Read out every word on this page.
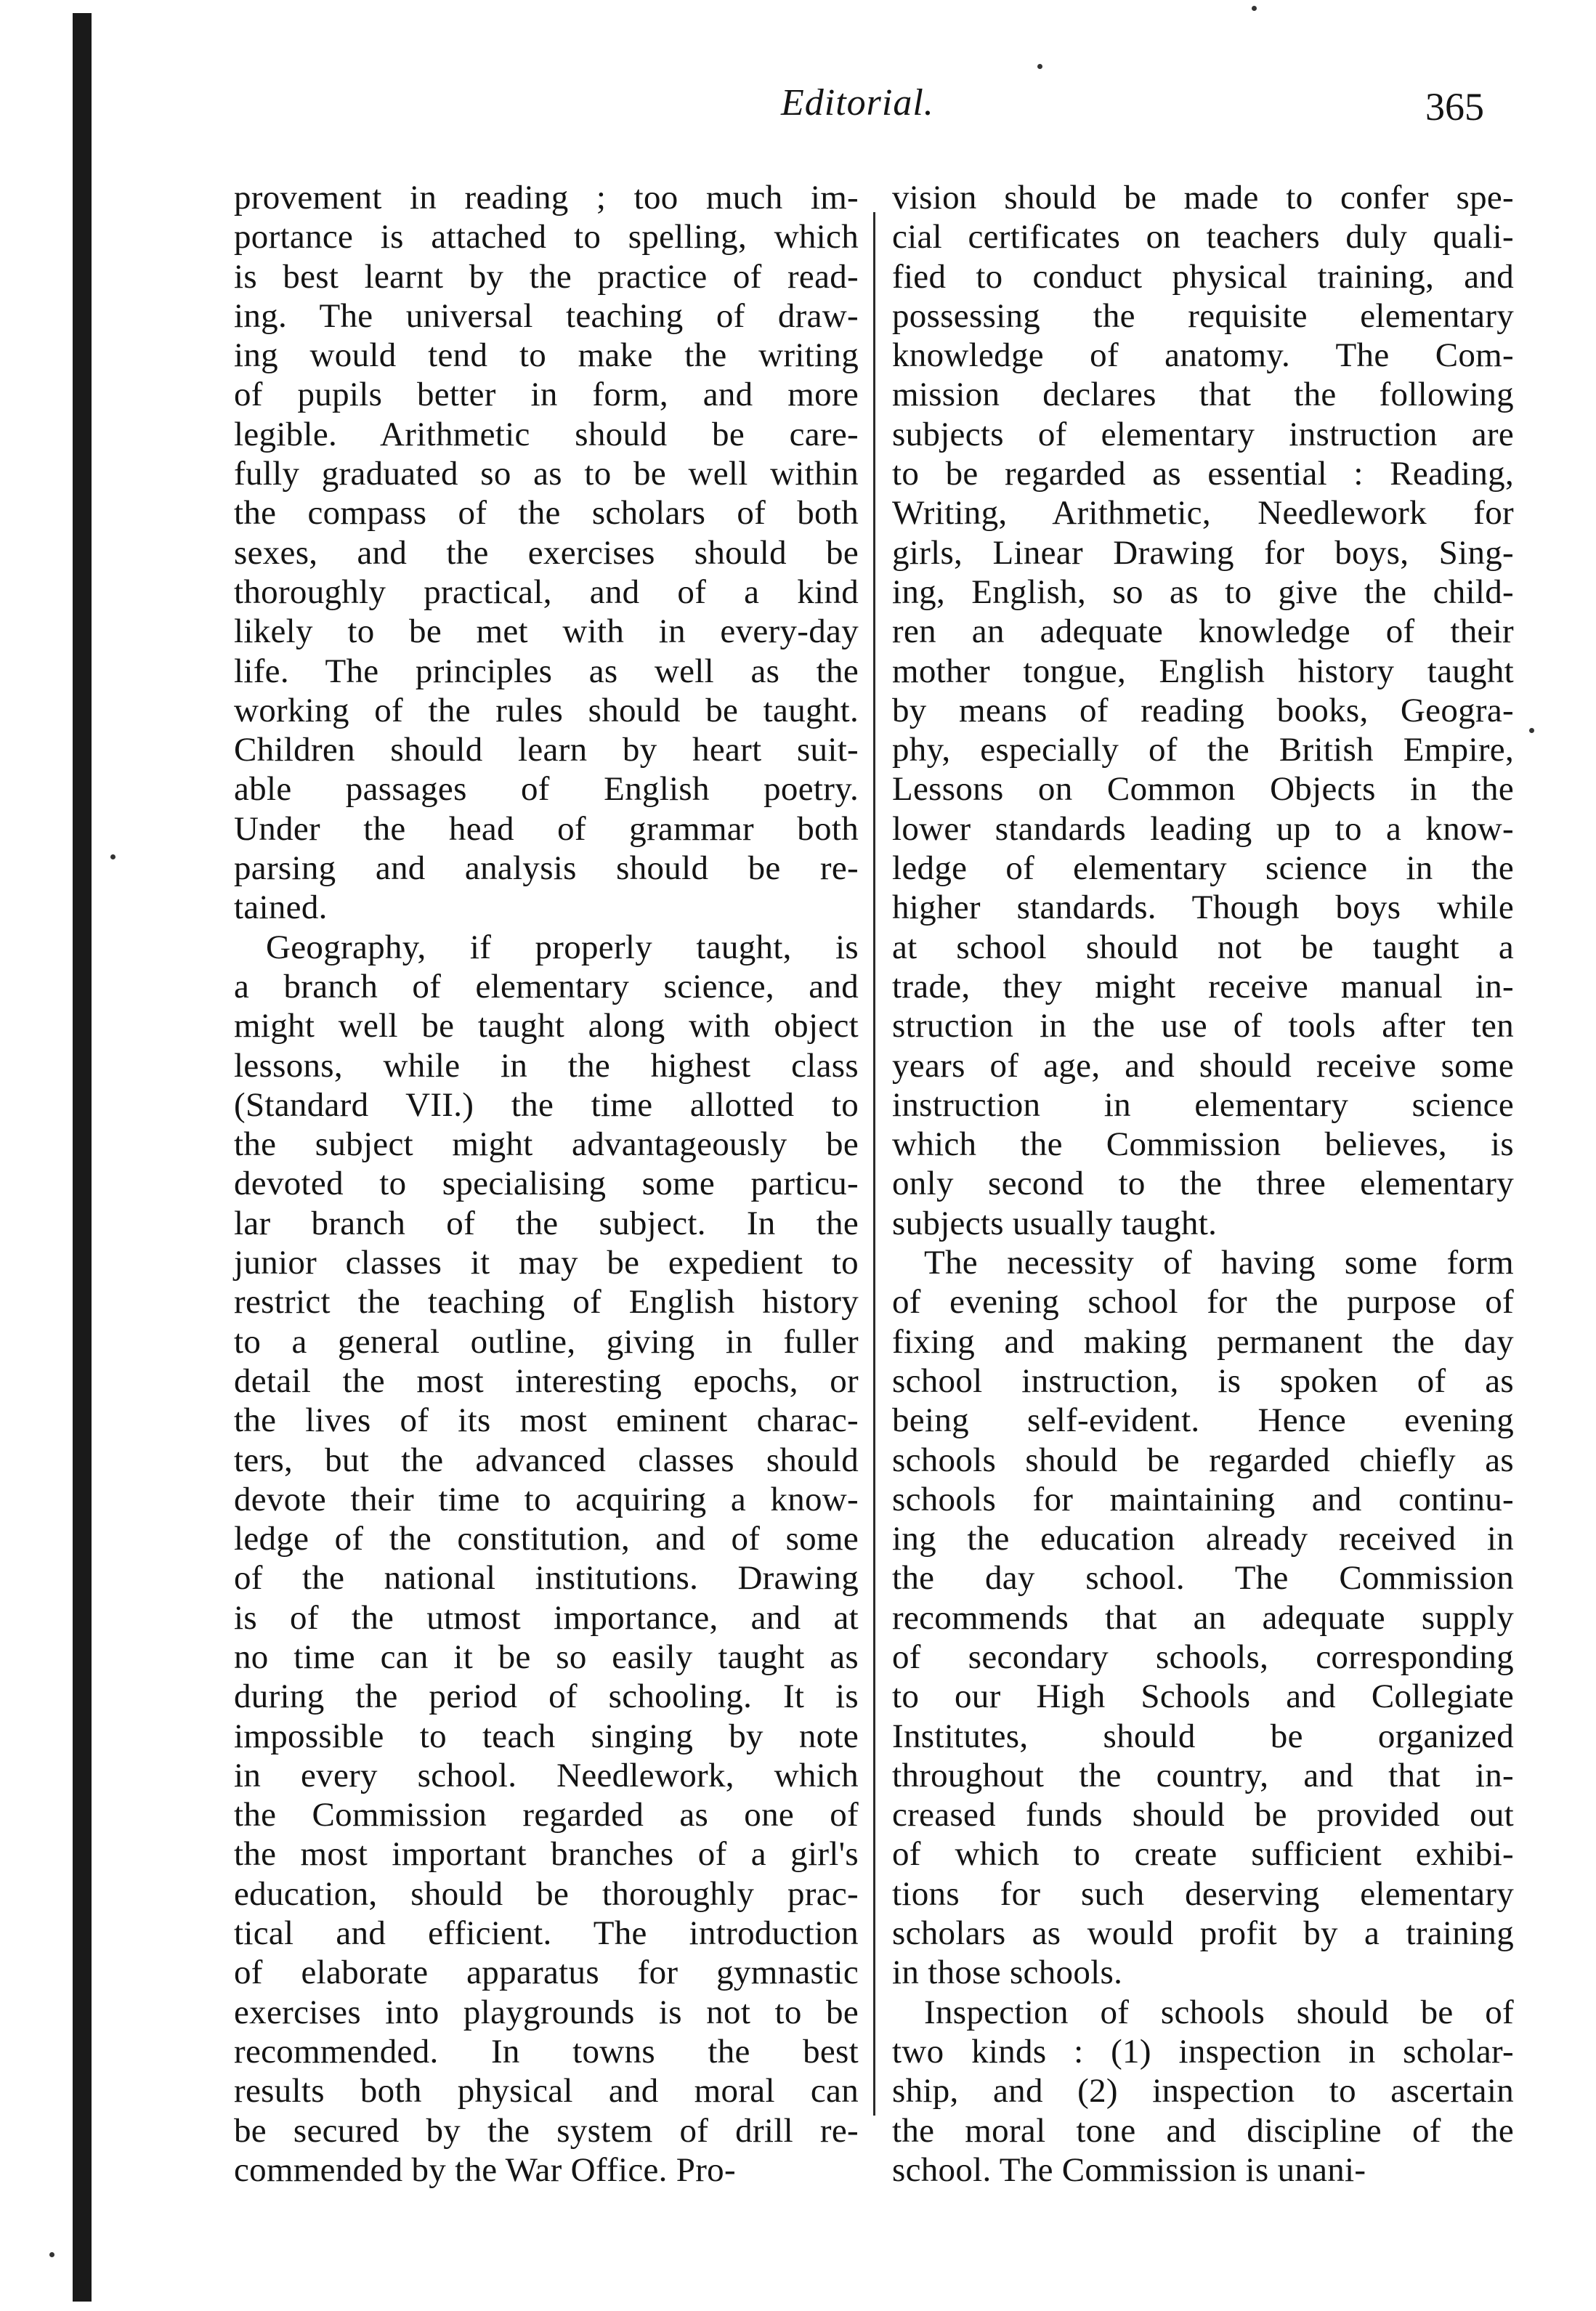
Editorial.	365
provement in reading ; too much im-
portance is attached to spelling, which
is best learnt by the practice of read-
ing. The universal teaching of draw-
ing would tend to make the writing
of pupils better in form, and more
legible. Arithmetic should be care-
fully graduated so as to be well within
the compass of the scholars of both
sexes, and the exercises should be
thoroughly practical, and of a kind
likely to be met with in every-day
life. The principles as well as the
working of the rules should be taught.
Children should learn by heart suit-
able passages of English poetry.
Under the head of grammar both
parsing and analysis should be re-
tained.
Geography, if properly taught, is
a branch of elementary science, and
might well be taught along with object
lessons, while in the highest class
(Standard VII.) the time allotted to
the subject might advantageously be
devoted to specialising some particu-
lar branch of the subject. In the
junior classes it may be expedient to
restrict the teaching of English history
to a general outline, giving in fuller
detail the most interesting epochs, or
the lives of its most eminent charac-
ters, but the advanced classes should
devote their time to acquiring a know-
ledge of the constitution, and of some
of the national institutions. Drawing
is of the utmost importance, and at
no time can it be so easily taught as
during the period of schooling. It is
impossible to teach singing by note
in every school. Needlework, which
the Commission regarded as one of
the most important branches of a girl's
education, should be thoroughly prac-
tical and efficient. The introduction
of elaborate apparatus for gymnastic
exercises into playgrounds is not to be
recommended. In towns the best
results both physical and moral can
be secured by the system of drill re-
commended by the War Office. Pro-
vision should be made to confer spe-
cial certificates on teachers duly quali-
fied to conduct physical training, and
possessing the requisite elementary
knowledge of anatomy. The Com-
mission declares that the following
subjects of elementary instruction are
to be regarded as essential : Reading,
Writing, Arithmetic, Needlework for
girls, Linear Drawing for boys, Sing-
ing, English, so as to give the child-
ren an adequate knowledge of their
mother tongue, English history taught
by means of reading books, Geogra-
phy, especially of the British Empire,
Lessons on Common Objects in the
lower standards leading up to a know-
ledge of elementary science in the
higher standards. Though boys while
at school should not be taught a
trade, they might receive manual in-
struction in the use of tools after ten
years of age, and should receive some
instruction in elementary science
which the Commission believes, is
only second to the three elementary
subjects usually taught.
The necessity of having some form
of evening school for the purpose of
fixing and making permanent the day
school instruction, is spoken of as
being self-evident. Hence evening
schools should be regarded chiefly as
schools for maintaining and continu-
ing the education already received in
the day school. The Commission
recommends that an adequate supply
of secondary schools, corresponding
to our High Schools and Collegiate
Institutes, should be organized
throughout the country, and that in-
creased funds should be provided out
of which to create sufficient exhibi-
tions for such deserving elementary
scholars as would profit by a training
in those schools.
Inspection of schools should be of
two kinds : (1) inspection in scholar-
ship, and (2) inspection to ascertain
the moral tone and discipline of the
school. The Commission is unani-
